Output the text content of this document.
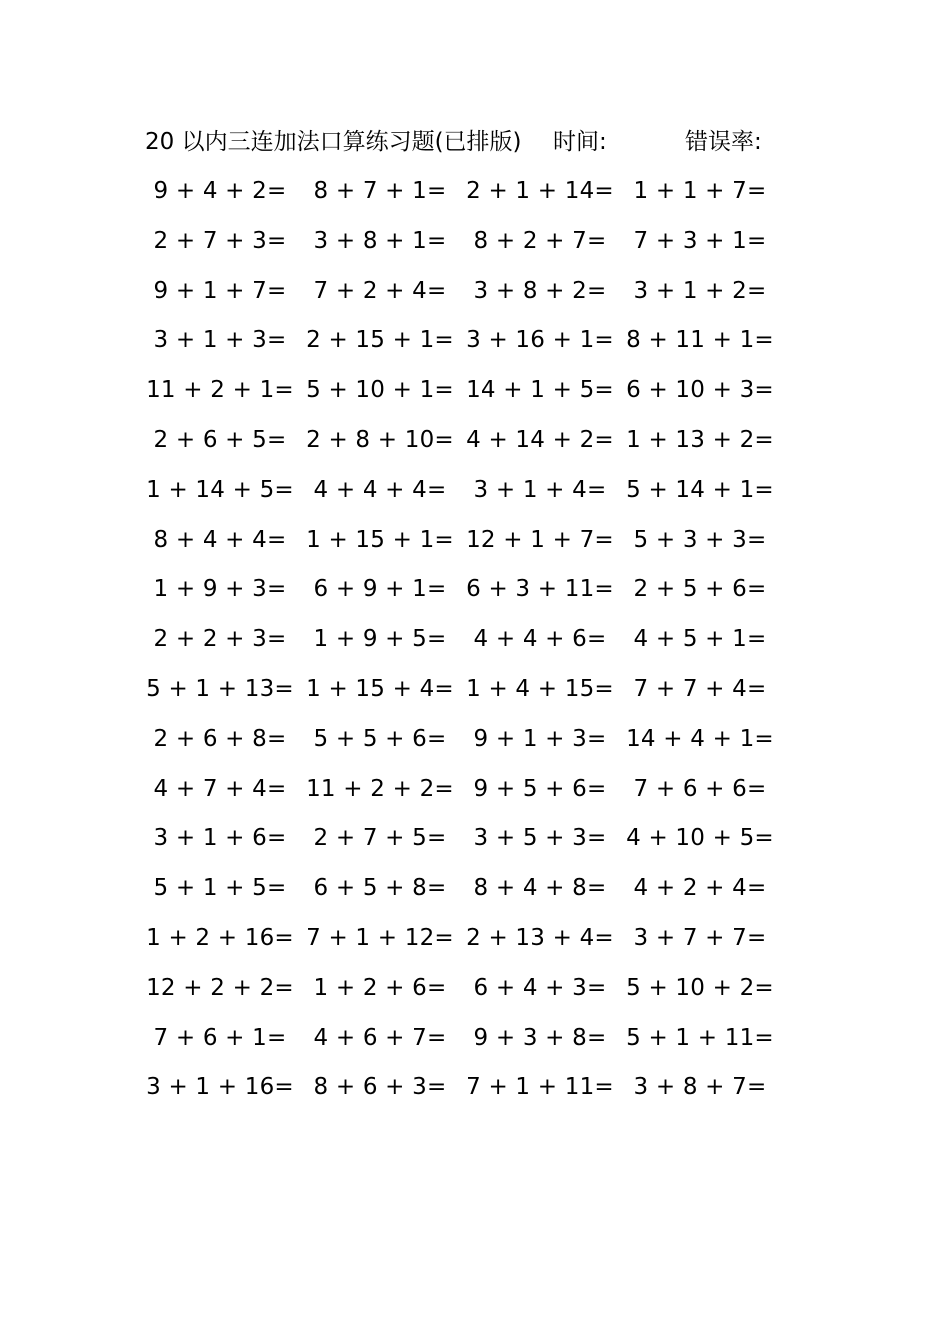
20 以内三连加法口算练习题(已排版) 时间:	错误率:
9 + 4 + 2=	8 + 7 + 1= 2 + 1 + 14= 1 + 1 + 7=
2 + 7 + 3=	3 + 8 + 1=	8 + 2 + 7=	7 + 3 + 1=
9 + 1 + 7=	7 + 2 + 4=	3 + 8 + 2=	3 + 1 + 2=
3 + 1 + 3= 2 + 15 + 1= 3 + 16 + 1= 8 + 11 + 1=
11 + 2 + 1= 5 + 10 + 1= 14 + 1 + 5= 6 + 10 + 3=
2 + 6 + 5= 2 + 8 + 10= 4 + 14 + 2= 1 + 13 + 2=
1 + 14 + 5= 4 + 4 + 4=	3 + 1 + 4= 5 + 14 + 1=
8 + 4 + 4= 1 + 15 + 1= 12 + 1 + 7= 5 + 3 + 3=
1 + 9 + 3=	6 + 9 + 1= 6 + 3 + 11= 2 + 5 + 6=
2 + 2 + 3=	1 + 9 + 5=	4 + 4 + 6=	4 + 5 + 1=
5 + 1 + 13= 1 + 15 + 4= 1 + 4 + 15= 7 + 7 + 4=
2 + 6 + 8=	5 + 5 + 6=	9 + 1 + 3= 14 + 4 + 1=
4 + 7 + 4= 11 + 2 + 2= 9 + 5 + 6=	7 + 6 + 6=
3 + 1 + 6=	2 + 7 + 5=	3 + 5 + 3= 4 + 10 + 5=
5 + 1 + 5=	6 + 5 + 8=	8 + 4 + 8=	4 + 2 + 4=
1 + 2 + 16= 7 + 1 + 12= 2 + 13 + 4= 3 + 7 + 7=
12 + 2 + 2= 1 + 2 + 6=	6 + 4 + 3= 5 + 10 + 2=
7 + 6 + 1=	4 + 6 + 7=	9 + 3 + 8= 5 + 1 + 11=
3 + 1 + 16= 8 + 6 + 3= 7 + 1 + 11= 3 + 8 + 7=
